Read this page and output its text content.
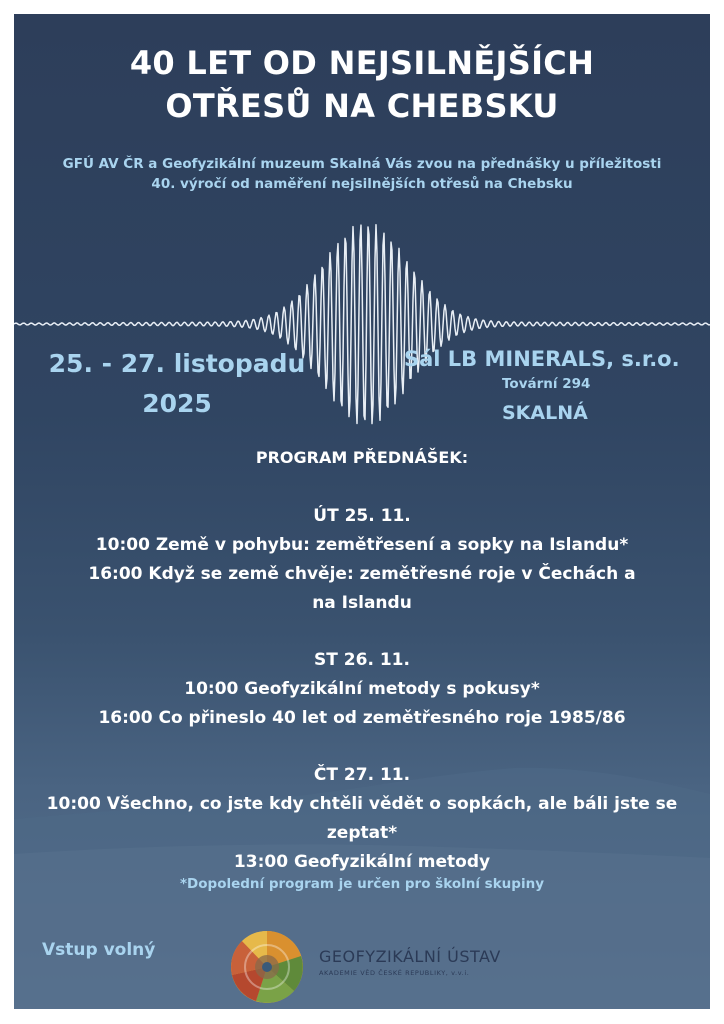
40 LET OD NEJSILNĚJŠÍCH
OTŘESŮ NA CHEBSKU
GFÚ AV ČR a Geofyzikální muzeum Skalná Vás zvou na přednášky u příležitosti
40. výročí od naměření nejsilnějších otřesů na Chebsku
25. - 27. listopadu
2025
Sál LB MINERALS, s.r.o.
Tovární 294
SKALNÁ
PROGRAM PŘEDNÁŠEK:
ÚT 25. 11.
10:00 Země v pohybu: zemětřesení a sopky na Islandu*
16:00 Když se země chvěje: zemětřesné roje v Čechách a na Islandu
ST 26. 11.
10:00 Geofyzikální metody s pokusy*
16:00 Co přineslo 40 let od zemětřesného roje 1985/86
ČT 27. 11.
10:00 Všechno, co jste kdy chtěli vědět o sopkách, ale báli jste se zeptat*
13:00 Geofyzikální metody
*Dopolední program je určen pro školní skupiny
Vstup volný	GEOFYZIKÁLNÍ ÚSTAV
AKADEMIE VĚD ČESKÉ REPUBLIKY, v.v.i.
